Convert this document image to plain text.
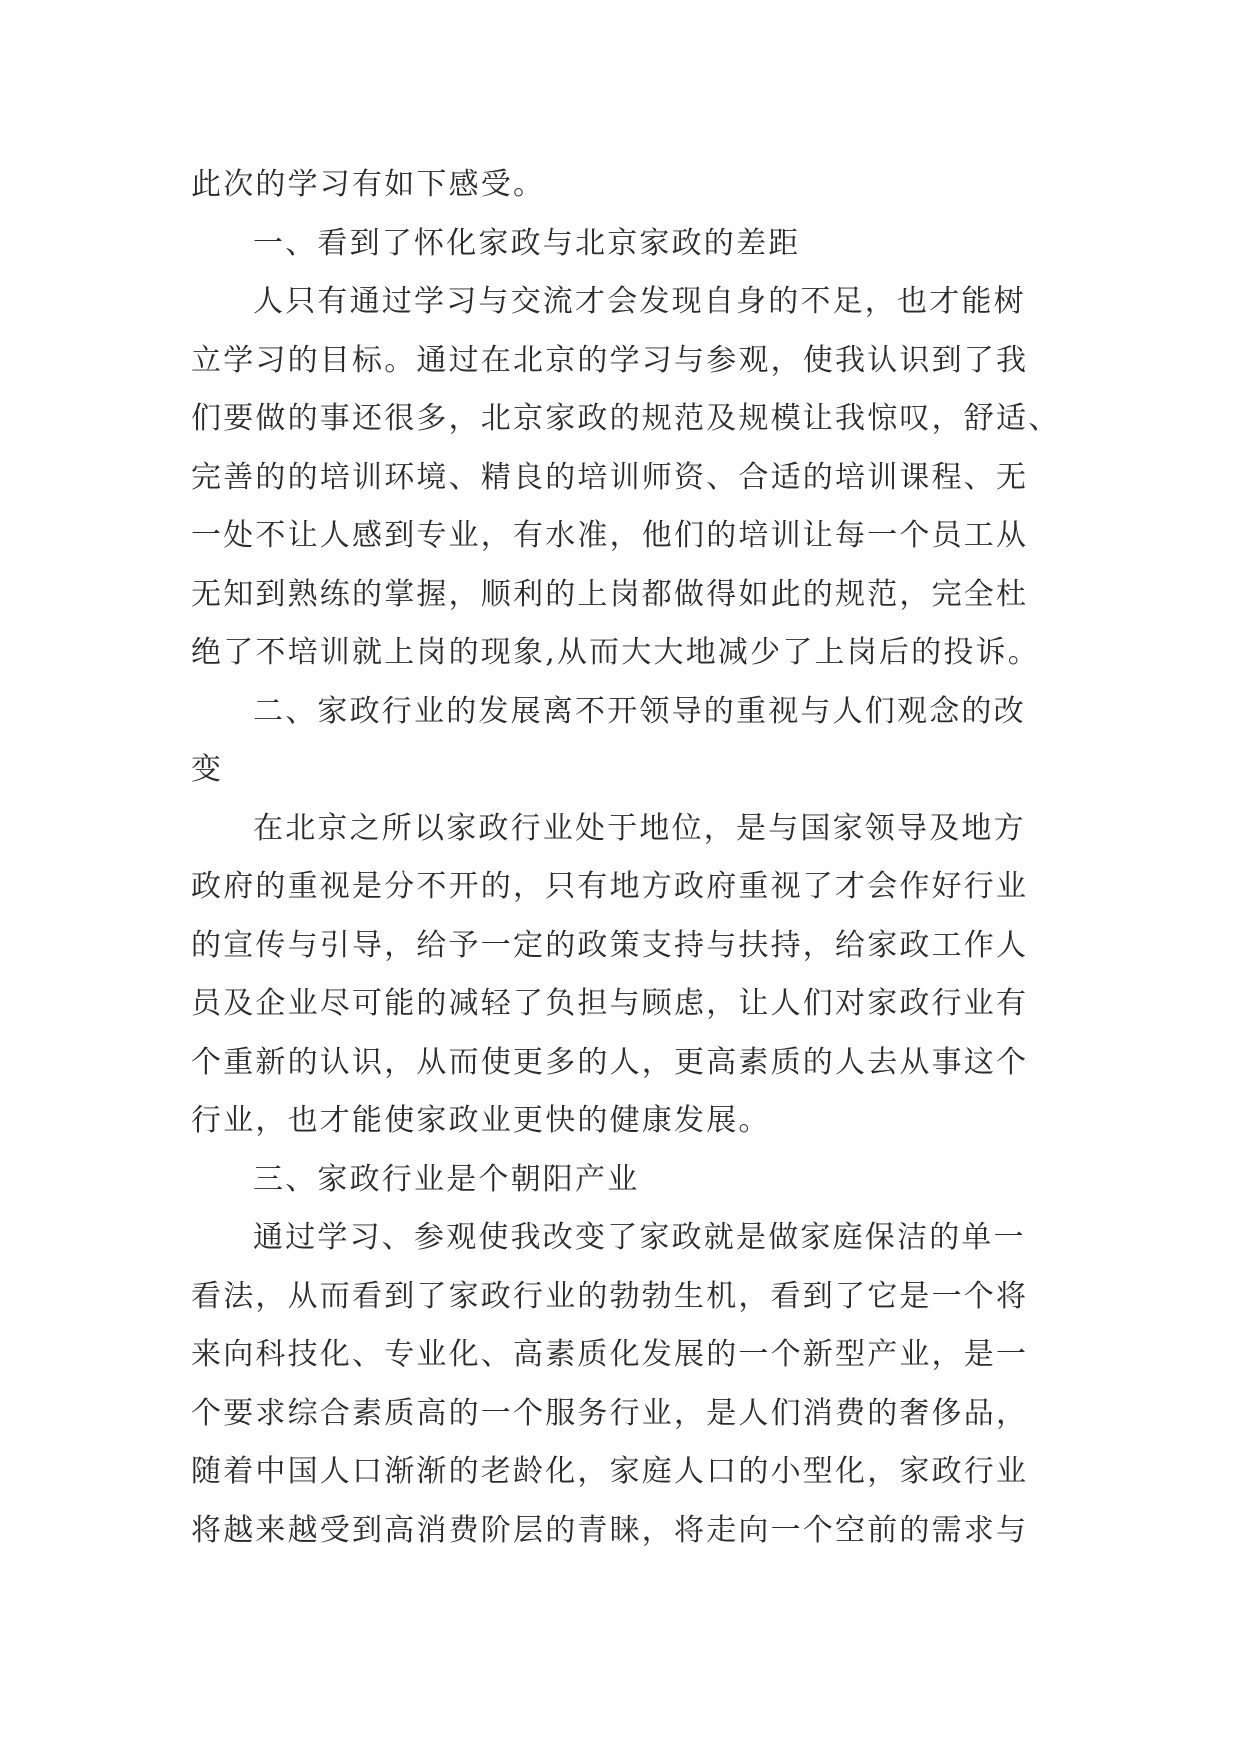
此次的学习有如下感受。
一、看到了怀化家政与北京家政的差距
人只有通过学习与交流才会发现自身的不足，也才能树
立学习的目标。通过在北京的学习与参观，使我认识到了我
们要做的事还很多，北京家政的规范及规模让我惊叹，舒适、
完善的的培训环境、精良的培训师资、合适的培训课程、无
一处不让人感到专业，有水准，他们的培训让每一个员工从
无知到熟练的掌握，顺利的上岗都做得如此的规范，完全杜
绝了不培训就上岗的现象,从而大大地减少了上岗后的投诉。
二、家政行业的发展离不开领导的重视与人们观念的改
变
在北京之所以家政行业处于地位，是与国家领导及地方
政府的重视是分不开的，只有地方政府重视了才会作好行业
的宣传与引导，给予一定的政策支持与扶持，给家政工作人
员及企业尽可能的减轻了负担与顾虑，让人们对家政行业有
个重新的认识，从而使更多的人，更高素质的人去从事这个
行业，也才能使家政业更快的健康发展。
三、家政行业是个朝阳产业
通过学习、参观使我改变了家政就是做家庭保洁的单一
看法，从而看到了家政行业的勃勃生机，看到了它是一个将
来向科技化、专业化、高素质化发展的一个新型产业，是一
个要求综合素质高的一个服务行业，是人们消费的奢侈品，
随着中国人口渐渐的老龄化，家庭人口的小型化，家政行业
将越来越受到高消费阶层的青睐，将走向一个空前的需求与
